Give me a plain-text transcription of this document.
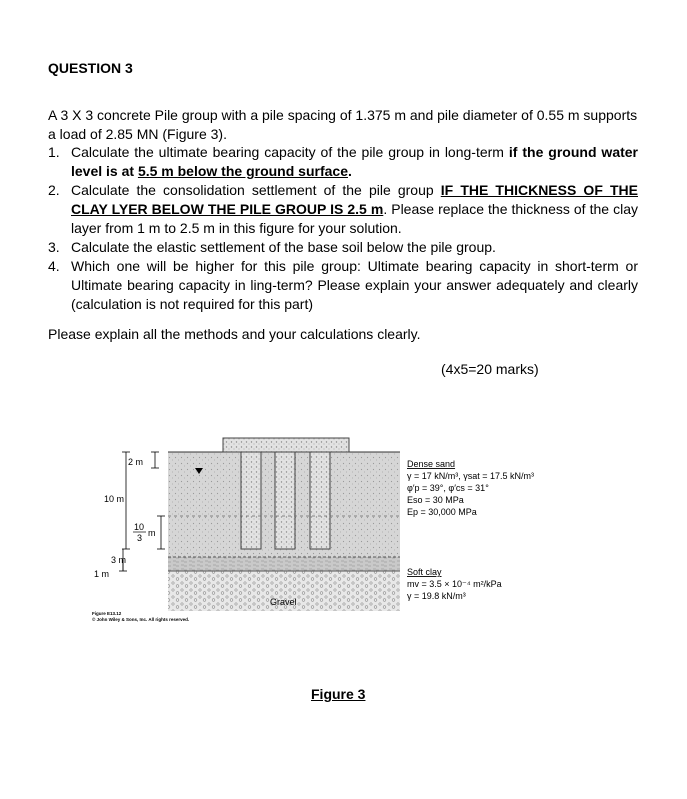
QUESTION 3
A 3 X 3 concrete Pile group with a pile spacing of 1.375 m and pile diameter of 0.55 m supports a load of 2.85 MN (Figure 3).

1. Calculate the ultimate bearing capacity of the pile group in long-term if the ground water level is at 5.5 m below the ground surface.

2. Calculate the consolidation settlement of the pile group IF THE THICKNESS OF THE CLAY LYER BELOW THE PILE GROUP IS 2.5 m. Please replace the thickness of the clay layer from 1 m to 2.5 m in this figure for your solution.

3. Calculate the elastic settlement of the base soil below the pile group.

4. Which one will be higher for this pile group: Ultimate bearing capacity in short-term or Ultimate bearing capacity in ling-term? Please explain your answer adequately and clearly (calculation is not required for this part)

Please explain all the methods and your calculations clearly.
(4x5=20 marks)
2 m
10 m
10
3 m
3 m
1 m
Gravel
Dense sand
γ = 17 kN/m³, γsat = 17.5 kN/m³
φ′p = 39°, φ′cs = 31°
Eso = 30 MPa
Ep = 30,000 MPa
Soft clay
mv = 3.5 × 10⁻⁴ m²/kPa
γ = 19.8 kN/m³
Figure E13.12
© John Wiley & Sons, Inc. All rights reserved.
Figure 3
